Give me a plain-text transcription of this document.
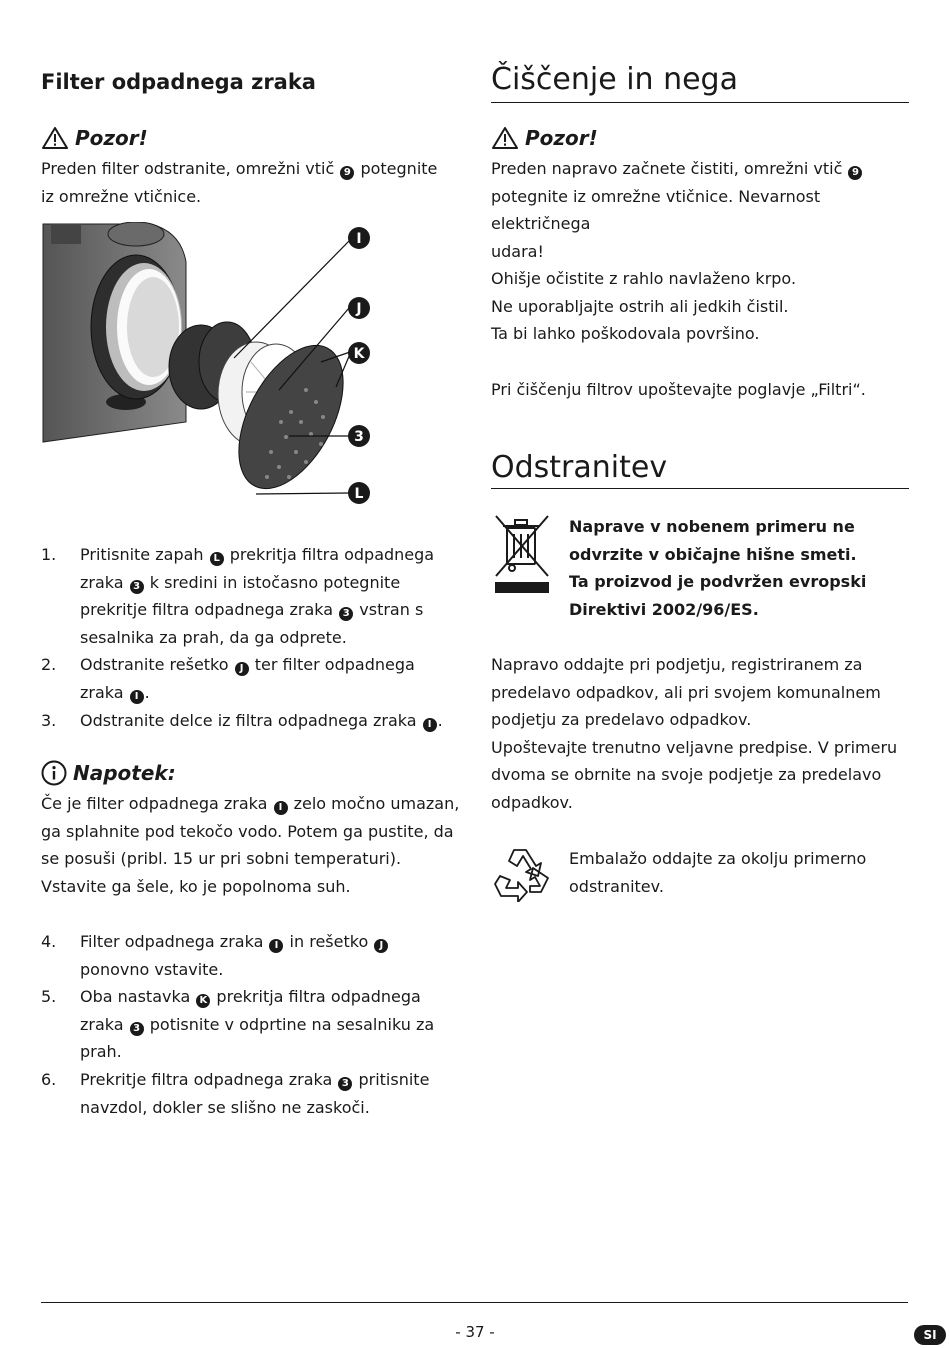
Filter odpadnega zraka
Pozor!
Preden filter odstranite, omrežni vtič 9 potegnite
iz omrežne vtičnice.
I
J
K
3
L
1. Pritisnite zapah L prekritja filtra odpadnega
zraka 3 k sredini in istočasno potegnite
prekritje filtra odpadnega zraka 3 vstran s
sesalnika za prah, da ga odprete.
2. Odstranite rešetko J ter filter odpadnega
zraka I .
3. Odstranite delce iz filtra odpadnega zraka I .
Napotek:
Če je filter odpadnega zraka I zelo močno umazan,
ga splahnite pod tekočo vodo. Potem ga pustite, da
se posuši (pribl. 15 ur pri sobni temperaturi).
Vstavite ga šele, ko je popolnoma suh.
4. Filter odpadnega zraka I in rešetko J
ponovno vstavite.
5. Oba nastavka K prekritja filtra odpadnega
zraka 3 potisnite v odprtine na sesalniku za
prah.
6. Prekritje filtra odpadnega zraka 3 pritisnite
navzdol, dokler se slišno ne zaskoči.
Čiščenje in nega
Pozor!
Preden napravo začnete čistiti, omrežni vtič 9
potegnite iz omrežne vtičnice. Nevarnost električnega
udara!
Ohišje očistite z rahlo navlaženo krpo.
Ne uporabljajte ostrih ali jedkih čistil.
Ta bi lahko poškodovala površino.
Pri čiščenju filtrov upoštevajte poglavje „Filtri“.
Odstranitev
Naprave v nobenem primeru ne
odvrzite v običajne hišne smeti.
Ta proizvod je podvržen evropski
Direktivi 2002/96/ES.
Napravo oddajte pri podjetju, registriranem za
predelavo odpadkov, ali pri svojem komunalnem
podjetju za predelavo odpadkov.
Upoštevajte trenutno veljavne predpise. V primeru
dvoma se obrnite na svoje podjetje za predelavo
odpadkov.
Embalažo oddajte za okolju primerno
odstranitev.
- 37 -	SI
